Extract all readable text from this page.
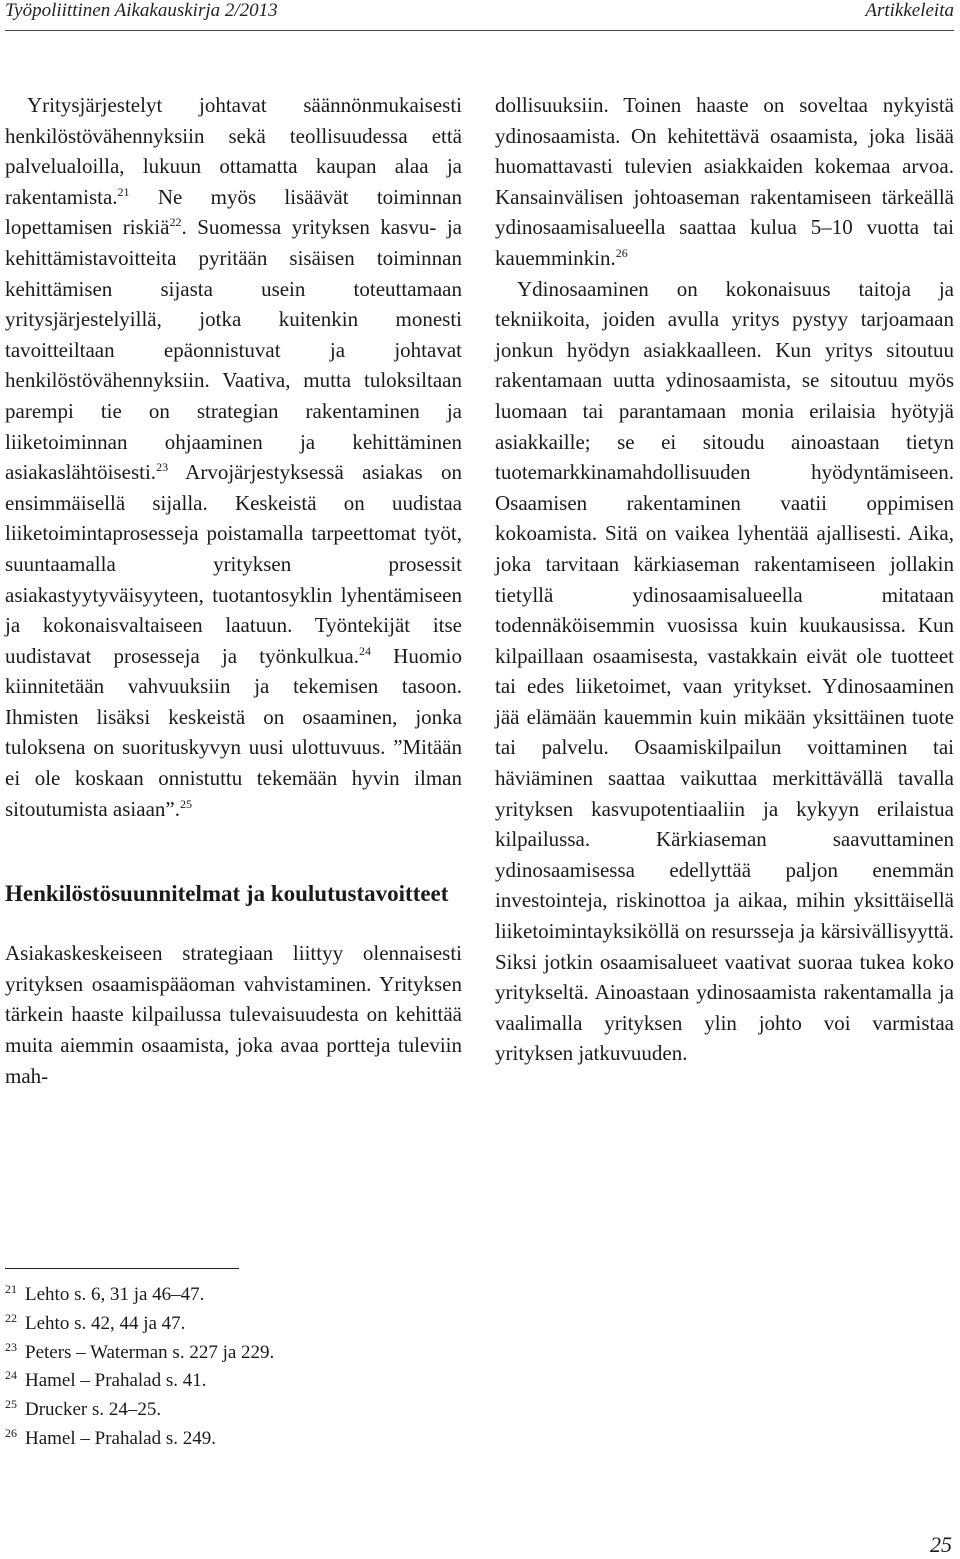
Työpoliittinen Aikakauskirja 2/2013	Artikkeleita

Yritysjärjestelyt johtavat säännönmukaisesti henkilöstövähennyksiin sekä teollisuudessa että palvelualoilla, lukuun ottamatta kaupan alaa ja rakentamista.$^{21}$ Ne myös lisäävät toiminnan lopettamisen riskiä$^{22}$. Suomessa yrityksen kasvu- ja kehittämistavoitteita pyritään sisäisen toiminnan kehittämisen sijasta usein toteuttamaan yritysjärjestelyillä, jotka kuitenkin monesti tavoitteiltaan epäonnistuvat ja johtavat henkilöstövähennyksiin. Vaativa, mutta tuloksiltaan parempi tie on strategian rakentaminen ja liiketoiminnan ohjaaminen ja kehittäminen asiakaslähtöisesti.$^{23}$ Arvojärjestyksessä asiakas on ensimmäisellä sijalla. Keskeistä on uudistaa liiketoimintaprosesseja poistamalla tarpeettomat työt, suuntaamalla yrityksen prosessit asiakastyytyväisyyteen, tuotantosyklin lyhentämiseen ja kokonaisvaltaiseen laatuun. Työntekijät itse uudistavat prosesseja ja työnkulkua.$^{24}$ Huomio kiinnitetään vahvuuksiin ja tekemisen tasoon. Ihmisten lisäksi keskeistä on osaaminen, jonka tuloksena on suorituskyvyn uusi ulottuvuus. ”Mitään ei ole koskaan onnistuttu tekemään hyvin ilman sitoutumista asiaan”.$^{25}$

Henkilöstösuunnitelmat ja koulutustavoitteet

Asiakaskeskeiseen strategiaan liittyy olennaisesti yrityksen osaamispääoman vahvistaminen. Yrityksen tärkein haaste kilpailussa tulevaisuudesta on kehittää muita aiemmin osaamista, joka avaa portteja tuleviin mah-

dollisuuksiin. Toinen haaste on soveltaa nykyistä ydinosaamista. On kehitettävä osaamista, joka lisää huomattavasti tulevien asiakkaiden kokemaa arvoa. Kansainvälisen johtoaseman rakentamiseen tärkeällä ydinosaamisalueella saattaa kulua 5–10 vuotta tai kauemminkin.$^{26}$

Ydinosaaminen on kokonaisuus taitoja ja tekniikoita, joiden avulla yritys pystyy tarjoamaan jonkun hyödyn asiakkaalleen. Kun yritys sitoutuu rakentamaan uutta ydinosaamista, se sitoutuu myös luomaan tai parantamaan monia erilaisia hyötyjä asiakkaille; se ei sitoudu ainoastaan tietyn tuotemarkkinamahdollisuuden hyödyntämiseen. Osaamisen rakentaminen vaatii oppimisen kokoamista. Sitä on vaikea lyhentää ajallisesti. Aika, joka tarvitaan kärkiaseman rakentamiseen jollakin tietyllä ydinosaamisalueella mitataan todennäköisemmin vuosissa kuin kuukausissa. Kun kilpaillaan osaamisesta, vastakkain eivät ole tuotteet tai edes liiketoimet, vaan yritykset. Ydinosaaminen jää elämään kauemmin kuin mikään yksittäinen tuote tai palvelu. Osaamiskilpailun voittaminen tai häviäminen saattaa vaikuttaa merkittävällä tavalla yrityksen kasvupotentiaaliin ja kykyyn erilaistua kilpailussa. Kärkiaseman saavuttaminen ydinosaamisessa edellyttää paljon enemmän investointeja, riskinottoa ja aikaa, mihin yksittäisellä liiketoimintayksiköllä on resursseja ja kärsivällisyyttä. Siksi jotkin osaamisalueet vaativat suoraa tukea koko yritykseltä. Ainoastaan ydinosaamista rakentamalla ja vaalimalla yrityksen ylin johto voi varmistaa yrityksen jatkuvuuden.

$^{21}$ Lehto s. 6, 31 ja 46–47.
$^{22}$ Lehto s. 42, 44 ja 47.
$^{23}$ Peters – Waterman s. 227 ja 229.
$^{24}$ Hamel – Prahalad s. 41.
$^{25}$ Drucker s. 24–25.
$^{26}$ Hamel – Prahalad s. 249.
25
